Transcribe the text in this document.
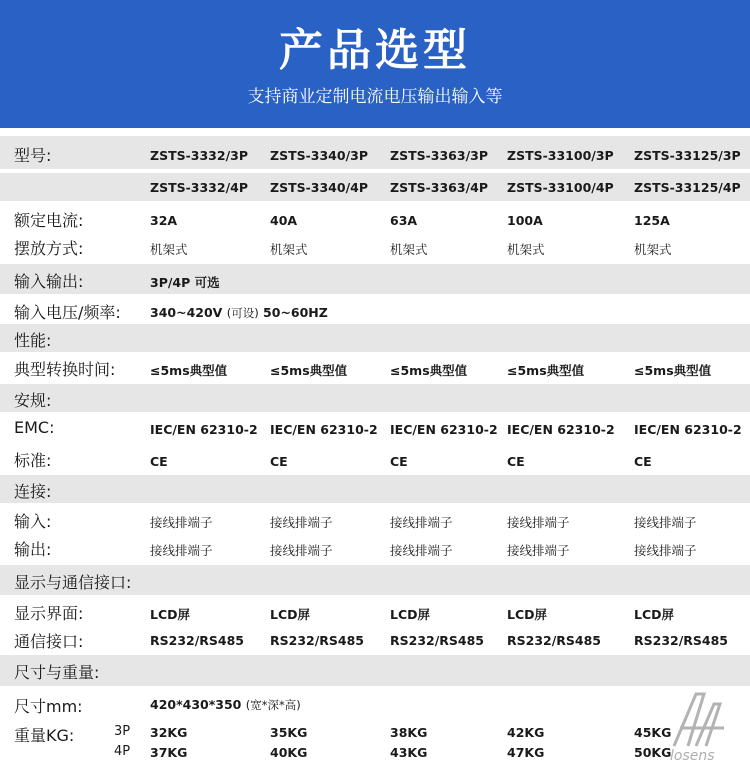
产品选型
支持商业定制电流电压输出输入等
型号:	ZSTS-3332/3P ZSTS-3340/3P ZSTS-3363/3P ZSTS-33100/3P ZSTS-33125/3P
ZSTS-3332/4P ZSTS-3340/4P ZSTS-3363/4P ZSTS-33100/4P ZSTS-33125/4P
额定电流:	32A	40A	63A	100A	125A
摆放方式:	机架式	机架式	机架式	机架式	机架式
输入输出:	3P/4P 可选
输入电压/频率: 340~420V (可设) 50~60HZ
性能:
典型转换时间:	≤5ms典型值	≤5ms典型值	≤5ms典型值	≤5ms典型值	≤5ms典型值
安规:
EMC:	IEC/EN 62310-2 IEC/EN 62310-2 IEC/EN 62310-2 IEC/EN 62310-2 IEC/EN 62310-2
标准:	CE	CE	CE	CE	CE
连接:
输入:	接线排端子	接线排端子	接线排端子	接线排端子	接线排端子
输出:	接线排端子	接线排端子	接线排端子	接线排端子	接线排端子
显示与通信接口:
显示界面:	LCD屏	LCD屏	LCD屏	LCD屏	LCD屏
通信接口:	RS232/RS485 RS232/RS485 RS232/RS485 RS232/RS485	RS232/RS485
尺寸与重量:
尺寸mm:	420*430*350 (宽*深*高)
重量KG:	3P 32KG	35KG	38KG	42KG	45KG
4P 37KG	40KG	43KG	47KG	50KG
losens
